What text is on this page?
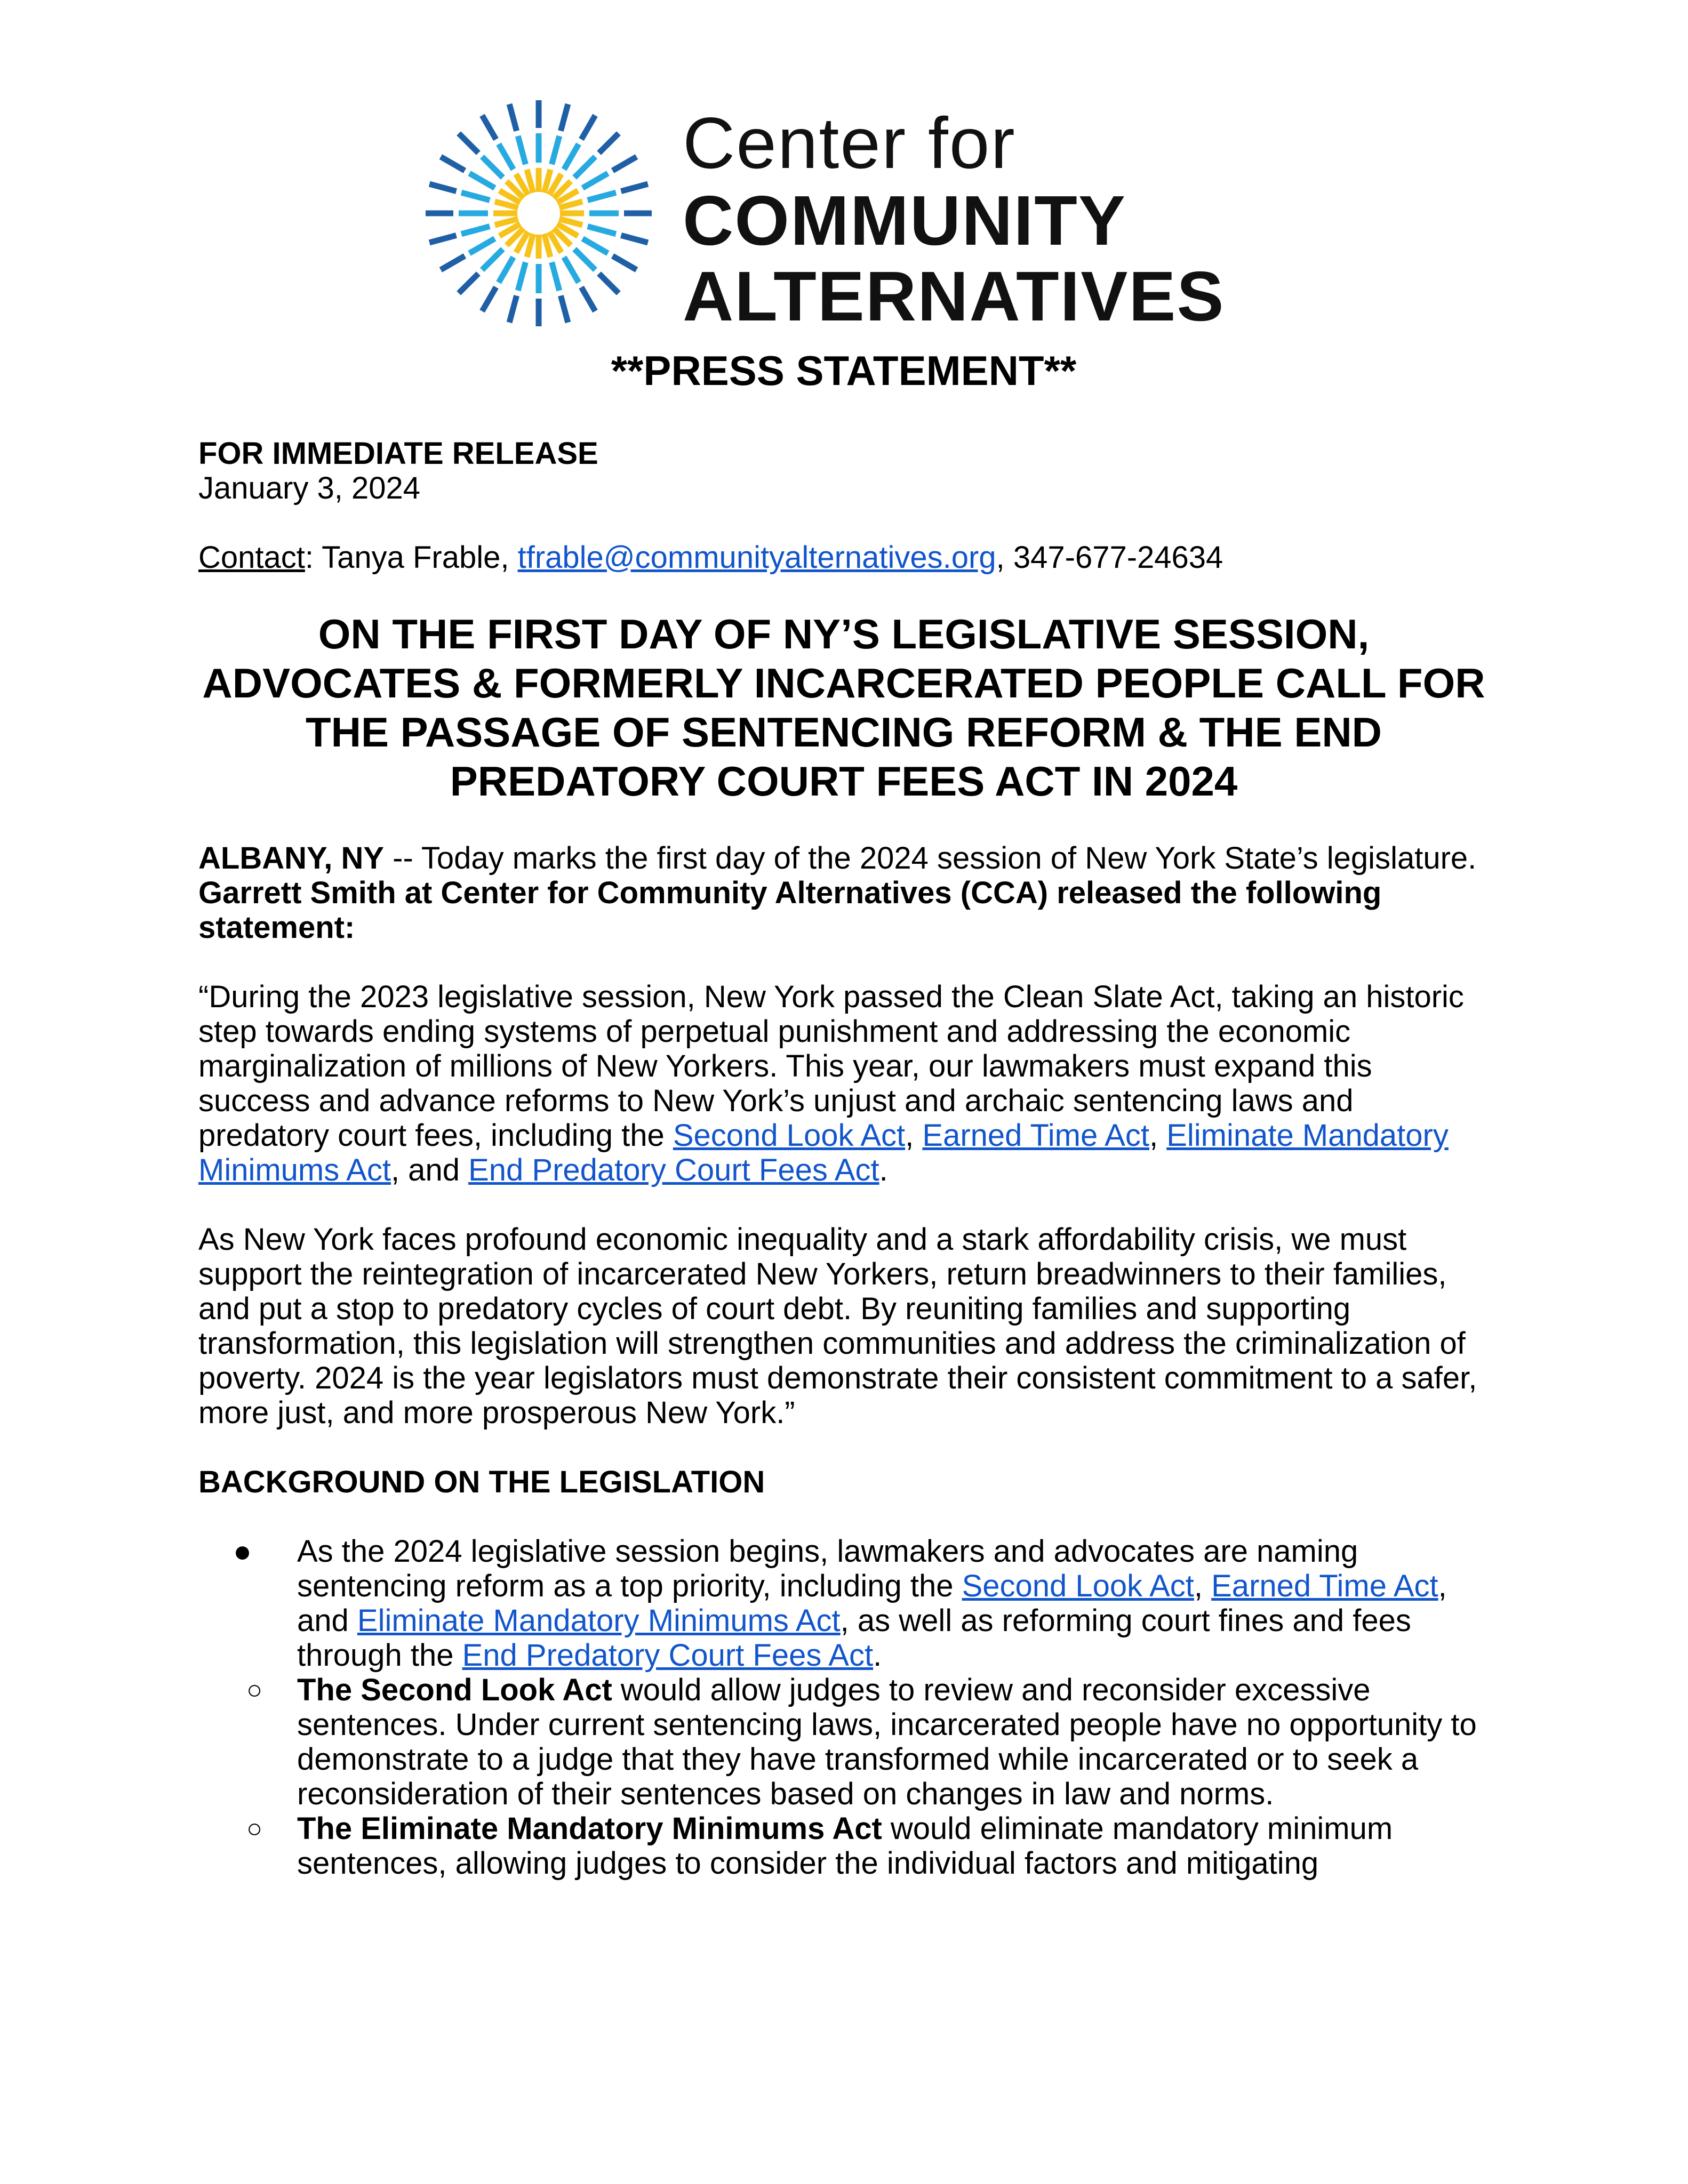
Center for
COMMUNITY
ALTERNATIVES
**PRESS STATEMENT**
FOR IMMEDIATE RELEASE
January 3, 2024
Contact: Tanya Frable, tfrable@communityalternatives.org, 347-677-24634
ON THE FIRST DAY OF NY’S LEGISLATIVE SESSION, ADVOCATES & FORMERLY INCARCERATED PEOPLE CALL FOR THE PASSAGE OF SENTENCING REFORM & THE END PREDATORY COURT FEES ACT IN 2024
ALBANY, NY -- Today marks the first day of the 2024 session of New York State’s legislature. Garrett Smith at Center for Community Alternatives (CCA) released the following statement:
“During the 2023 legislative session, New York passed the Clean Slate Act, taking an historic step towards ending systems of perpetual punishment and addressing the economic marginalization of millions of New Yorkers. This year, our lawmakers must expand this success and advance reforms to New York’s unjust and archaic sentencing laws and predatory court fees, including the Second Look Act, Earned Time Act, Eliminate Mandatory Minimums Act, and End Predatory Court Fees Act.
As New York faces profound economic inequality and a stark affordability crisis, we must support the reintegration of incarcerated New Yorkers, return breadwinners to their families, and put a stop to predatory cycles of court debt. By reuniting families and supporting transformation, this legislation will strengthen communities and address the criminalization of poverty. 2024 is the year legislators must demonstrate their consistent commitment to a safer, more just, and more prosperous New York.”
BACKGROUND ON THE LEGISLATION
● As the 2024 legislative session begins, lawmakers and advocates are naming sentencing reform as a top priority, including the Second Look Act, Earned Time Act, and Eliminate Mandatory Minimums Act, as well as reforming court fines and fees through the End Predatory Court Fees Act.
○ The Second Look Act would allow judges to review and reconsider excessive sentences. Under current sentencing laws, incarcerated people have no opportunity to demonstrate to a judge that they have transformed while incarcerated or to seek a reconsideration of their sentences based on changes in law and norms.
○ The Eliminate Mandatory Minimums Act would eliminate mandatory minimum sentences, allowing judges to consider the individual factors and mitigating
